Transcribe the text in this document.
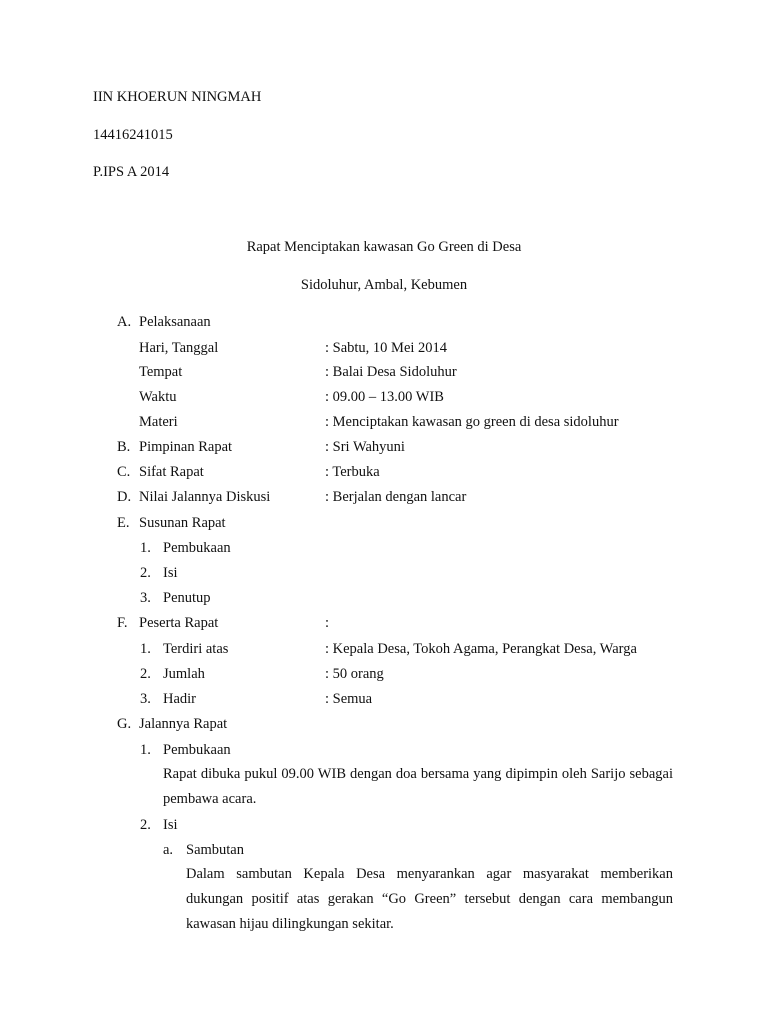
IIN KHOERUN NINGMAH
14416241015
P.IPS A 2014
Rapat Menciptakan kawasan Go Green di Desa
Sidoluhur, Ambal, Kebumen
A. Pelaksanaan
Hari, Tanggal	: Sabtu, 10 Mei 2014
Tempat	: Balai Desa Sidoluhur
Waktu	: 09.00 – 13.00 WIB
Materi	: Menciptakan kawasan go green di desa sidoluhur
B. Pimpinan Rapat	: Sri Wahyuni
C. Sifat Rapat	: Terbuka
D. Nilai Jalannya Diskusi	: Berjalan dengan lancar
E. Susunan Rapat
1. Pembukaan
2. Isi
3. Penutup
F. Peserta Rapat	:
1. Terdiri atas	: Kepala Desa, Tokoh Agama, Perangkat Desa, Warga
2. Jumlah	: 50 orang
3. Hadir	: Semua
G. Jalannya Rapat
1. Pembukaan
Rapat dibuka pukul 09.00 WIB dengan doa bersama yang dipimpin oleh Sarijo sebagai pembawa acara.
2. Isi
a. Sambutan
Dalam sambutan Kepala Desa menyarankan agar masyarakat memberikan dukungan positif atas gerakan “Go Green” tersebut dengan cara membangun kawasan hijau dilingkungan sekitar.
